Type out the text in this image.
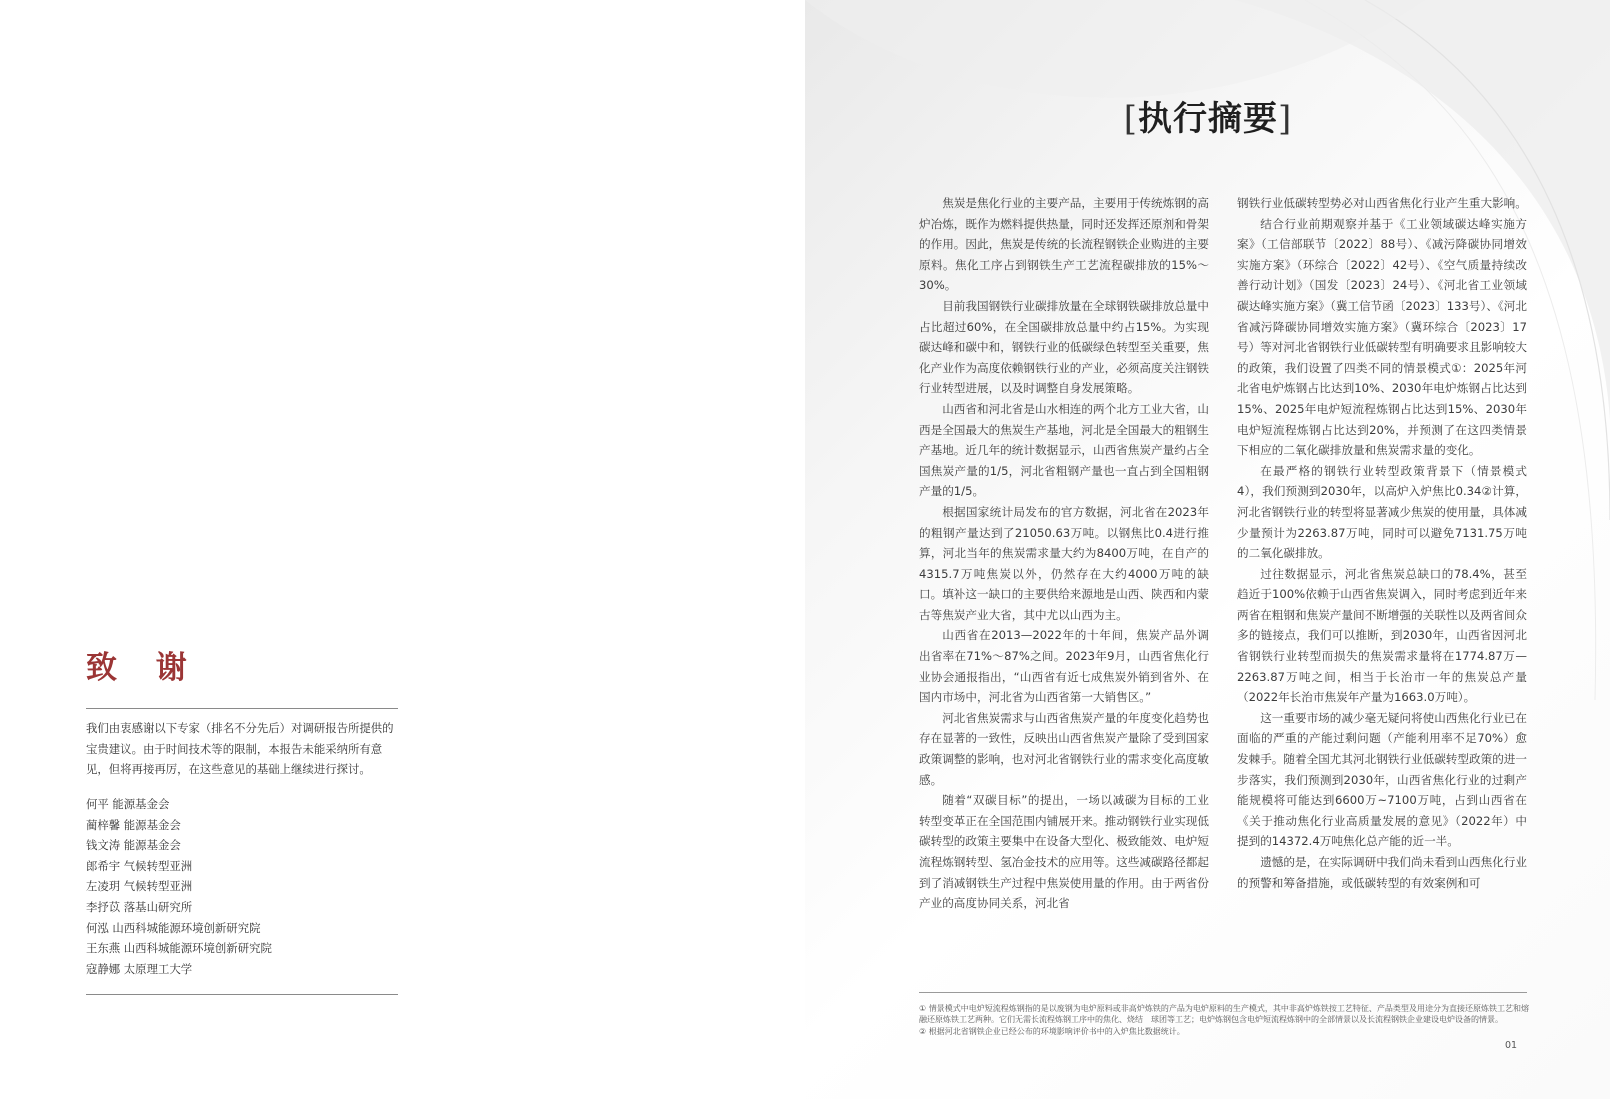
致 谢

我们由衷感谢以下专家（排名不分先后）对调研报告所提供的宝贵建议。由于时间技术等的限制，本报告未能采纳所有意见，但将再接再厉，在这些意见的基础上继续进行探讨。

何平 能源基金会
蔺梓馨 能源基金会
钱文涛 能源基金会
郎希宇 气候转型亚洲
左凌玥 气候转型亚洲
李抒苡 落基山研究所
何泓 山西科城能源环境创新研究院
王东燕 山西科城能源环境创新研究院
寇静娜 太原理工大学
[执行摘要]

焦炭是焦化行业的主要产品，主要用于传统炼钢的高炉冶炼，既作为燃料提供热量，同时还发挥还原剂和骨架的作用。因此，焦炭是传统的长流程钢铁企业购进的主要原料。焦化工序占到钢铁生产工艺流程碳排放的15%～30%。

目前我国钢铁行业碳排放量在全球钢铁碳排放总量中占比超过60%，在全国碳排放总量中约占15%。为实现碳达峰和碳中和，钢铁行业的低碳绿色转型至关重要，焦化产业作为高度依赖钢铁行业的产业，必须高度关注钢铁行业转型进展，以及时调整自身发展策略。

山西省和河北省是山水相连的两个北方工业大省，山西是全国最大的焦炭生产基地，河北是全国最大的粗钢生产基地。近几年的统计数据显示，山西省焦炭产量约占全国焦炭产量的1/5，河北省粗钢产量也一直占到全国粗钢产量的1/5。

根据国家统计局发布的官方数据，河北省在2023年的粗钢产量达到了21050.63万吨。以钢焦比0.4进行推算，河北当年的焦炭需求量大约为8400万吨，在自产的4315.7万吨焦炭以外，仍然存在大约4000万吨的缺口。填补这一缺口的主要供给来源地是山西、陕西和内蒙古等焦炭产业大省，其中尤以山西为主。

山西省在2013—2022年的十年间，焦炭产品外调出省率在71%～87%之间。2023年9月，山西省焦化行业协会通报指出，“山西省有近七成焦炭外销到省外、在国内市场中，河北省为山西省第一大销售区。”

河北省焦炭需求与山西省焦炭产量的年度变化趋势也存在显著的一致性，反映出山西省焦炭产量除了受到国家政策调整的影响，也对河北省钢铁行业的需求变化高度敏感。

随着“双碳目标”的提出，一场以减碳为目标的工业转型变革正在全国范围内铺展开来。推动钢铁行业实现低碳转型的政策主要集中在设备大型化、极致能效、电炉短流程炼钢转型、氢冶金技术的应用等。这些减碳路径都起到了消减钢铁生产过程中焦炭使用量的作用。由于两省份产业的高度协同关系，河北省

钢铁行业低碳转型势必对山西省焦化行业产生重大影响。

结合行业前期观察并基于《工业领域碳达峰实施方案》（工信部联节〔2022〕88号）、《减污降碳协同增效实施方案》（环综合〔2022〕42号）、《空气质量持续改善行动计划》（国发〔2023〕24号）、《河北省工业领域碳达峰实施方案》（冀工信节函〔2023〕133号）、《河北省减污降碳协同增效实施方案》（冀环综合〔2023〕17号）等对河北省钢铁行业低碳转型有明确要求且影响较大的政策，我们设置了四类不同的情景模式①：2025年河北省电炉炼钢占比达到10%、2030年电炉炼钢占比达到15%、2025年电炉短流程炼钢占比达到15%、2030年电炉短流程炼钢占比达到20%，并预测了在这四类情景下相应的二氧化碳排放量和焦炭需求量的变化。

在最严格的钢铁行业转型政策背景下（情景模式4），我们预测到2030年，以高炉入炉焦比0.34②计算，河北省钢铁行业的转型将显著减少焦炭的使用量，具体减少量预计为2263.87万吨，同时可以避免7131.75万吨的二氧化碳排放。

过往数据显示，河北省焦炭总缺口的78.4%，甚至趋近于100%依赖于山西省焦炭调入，同时考虑到近年来两省在粗钢和焦炭产量间不断增强的关联性以及两省间众多的链接点，我们可以推断，到2030年，山西省因河北省钢铁行业转型而损失的焦炭需求量将在1774.87万—2263.87万吨之间，相当于长治市一年的焦炭总产量（2022年长治市焦炭年产量为1663.0万吨）。

这一重要市场的减少毫无疑问将使山西焦化行业已在面临的严重的产能过剩问题（产能利用率不足70%）愈发棘手。随着全国尤其河北钢铁行业低碳转型政策的进一步落实，我们预测到2030年，山西省焦化行业的过剩产能规模将可能达到6600万~7100万吨，占到山西省在《关于推动焦化行业高质量发展的意见》（2022年）中提到的14372.4万吨焦化总产能的近一半。

遗憾的是，在实际调研中我们尚未看到山西焦化行业的预警和筹备措施，或低碳转型的有效案例和可

① 情景模式中电炉短流程炼钢指的是以废钢为电炉原料或非高炉炼铁的产品为电炉原料的生产模式，其中非高炉炼铁按工艺特征、产品类型及用途分为直接还原炼铁工艺和熔融还原炼铁工艺两种。它们无需长流程炼钢工序中的焦化、烧结　球团等工艺；电炉炼钢包含电炉短流程炼钢中的全部情景以及长流程钢铁企业建设电炉设备的情景。

② 根据河北省钢铁企业已经公布的环境影响评价书中的入炉焦比数据统计。

01
